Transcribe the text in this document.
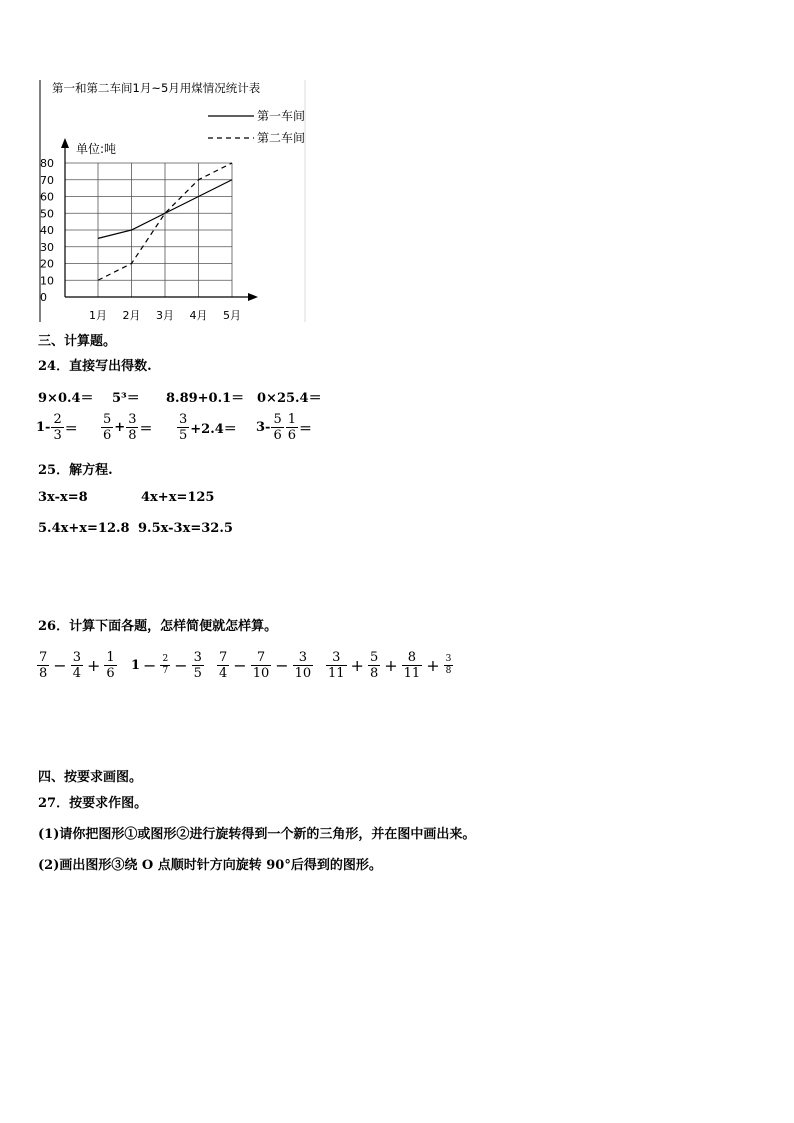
第一和第二车间1月~5月用煤情况统计表
第一车间
第二车间
单位:吨
0
10
20
30
40
50
60
70
80
1月 2月 3月 4月 5月
三、计算题。
24．直接写出得数.
9×0.4＝ 5³＝ 8.89+0.1＝ 0×25.4＝
$1- \frac{2}{3} = \frac{5}{6} + \frac{3}{8} = \frac{3}{5} +2.4= 3- \frac{5}{6} \frac{1}{6}$ ＝
25．解方程.
3x-x=8	4x+x=125
5.4x+x=12.8 9.5x-3x=32.5
26．计算下面各题，怎样简便就怎样算。
$\frac{7}{8} - \frac{3}{4} + \frac{1}{6} 1 - \frac{2}{7} - \frac{3}{5} \frac{7}{4} - \frac{7}{10} - \frac{3}{10} \frac{3}{11} + \frac{5}{8} + \frac{8}{11} + \frac{3}{8}$
四、按要求画图。
27．按要求作图。
(1)请你把图形①或图形②进行旋转得到一个新的三角形，并在图中画出来。
(2)画出图形③绕 O 点顺时针方向旋转 90°后得到的图形。
